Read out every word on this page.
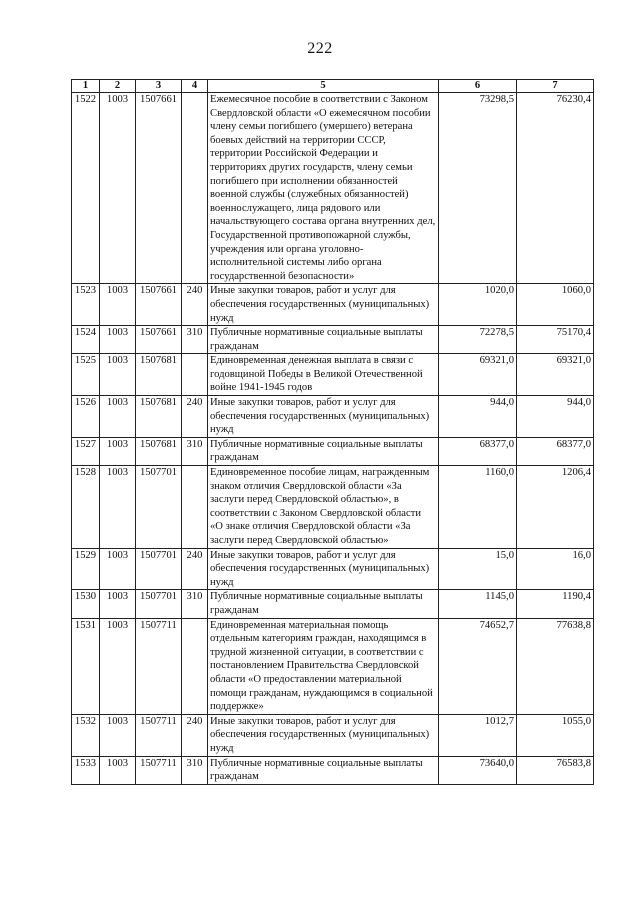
222
1	2	3	4	5	6	7
1522	1003	1507661		Ежемесячное пособие в соответствии с Законом Свердловской области «О ежемесячном пособии члену семьи погибшего (умершего) ветерана боевых действий на территории СССР, территории Российской Федерации и территориях других государств, члену семьи погибшего при исполнении обязанностей военной службы (служебных обязанностей) военнослужащего, лица рядового или начальствующего состава органа внутренних дел, Государственной противопожарной службы, учреждения или органа уголовно-исполнительной системы либо органа государственной безопасности»	73298,5	76230,4
1523	1003	1507661	240	Иные закупки товаров, работ и услуг для обеспечения государственных (муниципальных) нужд	1020,0	1060,0
1524	1003	1507661	310	Публичные нормативные социальные выплаты гражданам	72278,5	75170,4
1525	1003	1507681		Единовременная денежная выплата в связи с годовщиной Победы в Великой Отечественной войне 1941-1945 годов	69321,0	69321,0
1526	1003	1507681	240	Иные закупки товаров, работ и услуг для обеспечения государственных (муниципальных) нужд	944,0	944,0
1527	1003	1507681	310	Публичные нормативные социальные выплаты гражданам	68377,0	68377,0
1528	1003	1507701		Единовременное пособие лицам, награжденным знаком отличия Свердловской области «За заслуги перед Свердловской областью», в соответствии с Законом Свердловской области «О знаке отличия Свердловской области «За заслуги перед Свердловской областью»	1160,0	1206,4
1529	1003	1507701	240	Иные закупки товаров, работ и услуг для обеспечения государственных (муниципальных) нужд	15,0	16,0
1530	1003	1507701	310	Публичные нормативные социальные выплаты гражданам	1145,0	1190,4
1531	1003	1507711		Единовременная материальная помощь отдельным категориям граждан, находящимся в трудной жизненной ситуации, в соответствии с постановлением Правительства Свердловской области «О предоставлении материальной помощи гражданам, нуждающимся в социальной поддержке»	74652,7	77638,8
1532	1003	1507711	240	Иные закупки товаров, работ и услуг для обеспечения государственных (муниципальных) нужд	1012,7	1055,0
1533	1003	1507711	310	Публичные нормативные социальные выплаты гражданам	73640,0	76583,8
